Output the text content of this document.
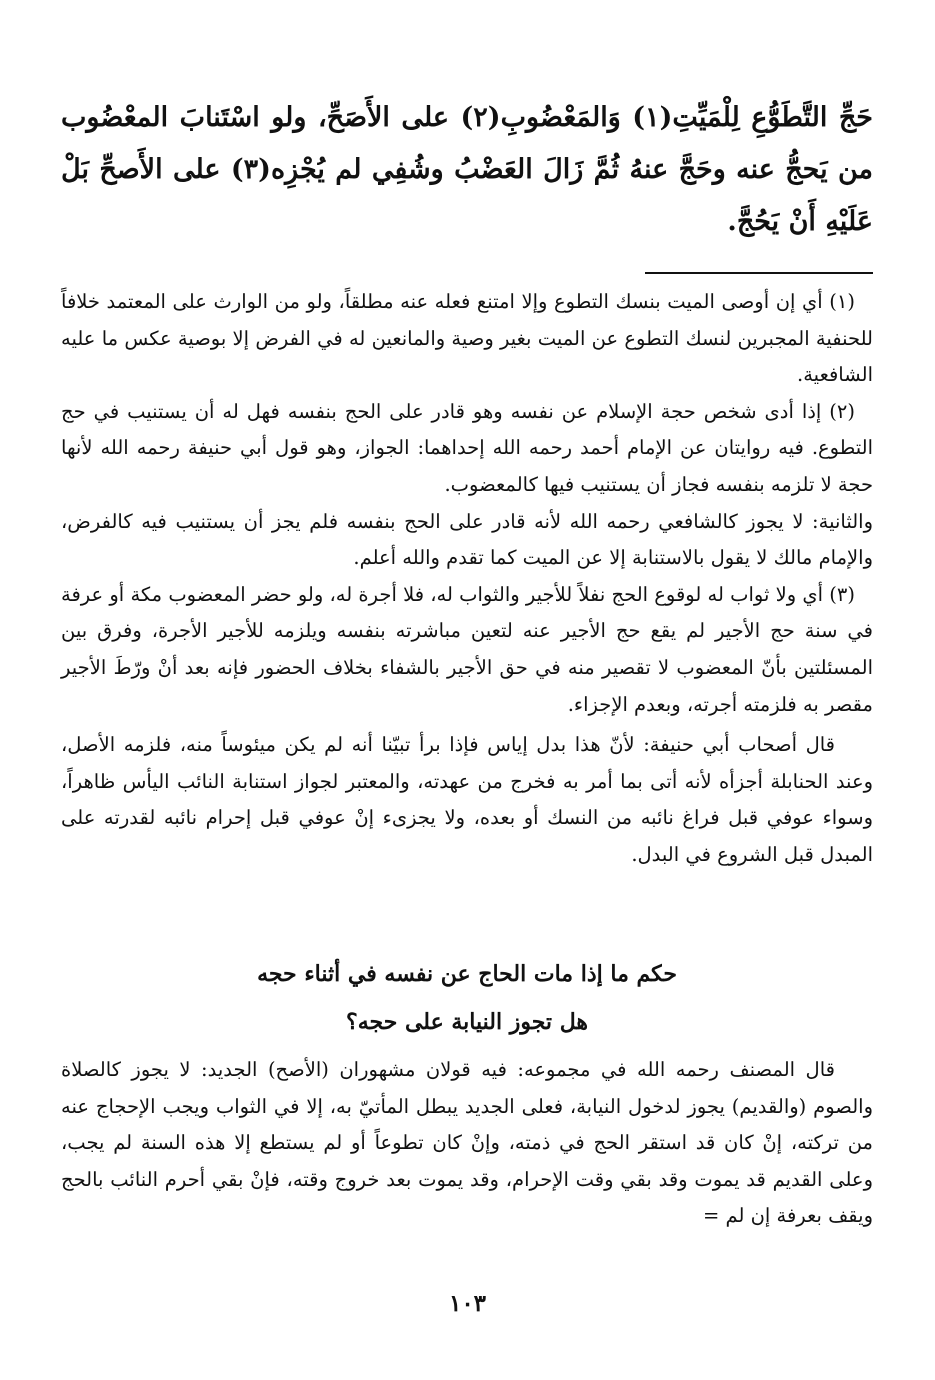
حَجِّ التَّطَوُّعِ لِلْمَيِّتِ(١) وَالمَعْضُوبِ(٢) على الأَصَحِّ، ولو اسْتَنابَ المعْضُوب من يَحجُّ عنه وحَجَّ عنهُ ثُمَّ زَالَ العَضْبُ وشُفِي لم يُجْزِه(٣) على الأَصحِّ بَلْ عَلَيْهِ أَنْ يَحُجَّ.

(١) أي إن أوصى الميت بنسك التطوع وإلا امتنع فعله عنه مطلقاً، ولو من الوارث على المعتمد خلافاً للحنفية المجبرين لنسك التطوع عن الميت بغير وصية والمانعين له في الفرض إلا بوصية عكس ما عليه الشافعية.

(٢) إذا أدى شخص حجة الإسلام عن نفسه وهو قادر على الحج بنفسه فهل له أن يستنيب في حج التطوع. فيه روايتان عن الإمام أحمد رحمه الله إحداهما: الجواز، وهو قول أبي حنيفة رحمه الله لأنها حجة لا تلزمه بنفسه فجاز أن يستنيب فيها كالمعضوب.

والثانية: لا يجوز كالشافعي رحمه الله لأنه قادر على الحج بنفسه فلم يجز أن يستنيب فيه كالفرض، والإمام مالك لا يقول بالاستنابة إلا عن الميت كما تقدم والله أعلم.

(٣) أي ولا ثواب له لوقوع الحج نفلاً للأجير والثواب له، فلا أجرة له، ولو حضر المعضوب مكة أو عرفة في سنة حج الأجير لم يقع حج الأجير عنه لتعين مباشرته بنفسه ويلزمه للأجير الأجرة، وفرق بين المسئلتين بأنّ المعضوب لا تقصير منه في حق الأجير بالشفاء بخلاف الحضور فإنه بعد أنْ ورّطَ الأجير مقصر به فلزمته أجرته، وبعدم الإجزاء.

قال أصحاب أبي حنيفة: لأنّ هذا بدل إياس فإذا برأ تبيّنا أنه لم يكن ميئوساً منه، فلزمه الأصل، وعند الحنابلة أجزأه لأنه أتى بما أمر به فخرج من عهدته، والمعتبر لجواز استنابة النائب اليأس ظاهراً، وسواء عوفي قبل فراغ نائبه من النسك أو بعده، ولا يجزىء إنْ عوفي قبل إحرام نائبه لقدرته على المبدل قبل الشروع في البدل.

حكم ما إذا مات الحاج عن نفسه في أثناء حجه
هل تجوز النيابة على حجه؟

قال المصنف رحمه الله في مجموعه: فيه قولان مشهوران (الأصح) الجديد: لا يجوز كالصلاة والصوم (والقديم) يجوز لدخول النيابة، فعلى الجديد يبطل المأتيّ به، إلا في الثواب ويجب الإحجاج عنه من تركته، إنْ كان قد استقر الحج في ذمته، وإنْ كان تطوعاً أو لم يستطع إلا هذه السنة لم يجب، وعلى القديم قد يموت وقد بقي وقت الإحرام، وقد يموت بعد خروج وقته، فإنْ بقي أحرم النائب بالحج ويقف بعرفة إن لم =

١٠٣
